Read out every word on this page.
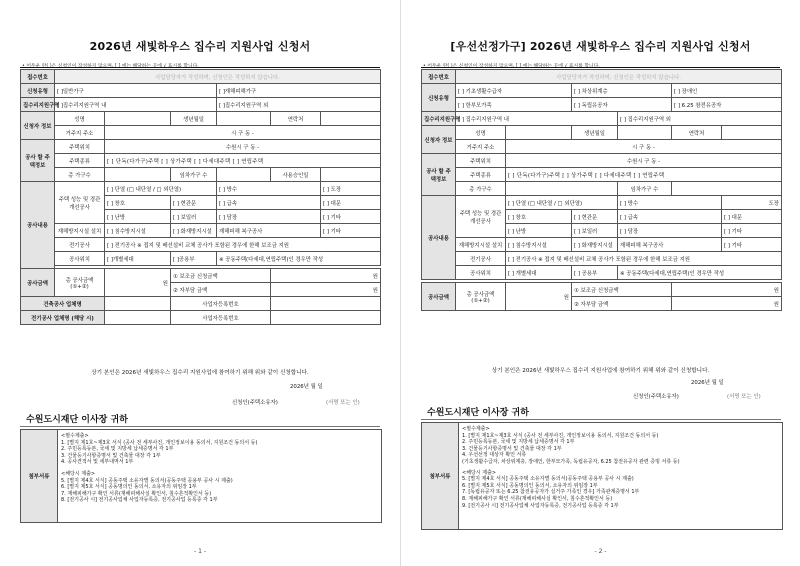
2026년 새빛하우스 집수리 지원사업 신청서
• 어두운 란( )은 신청인이 작성하지 않으며, [ ] 에는 해당하는 곳에 √ 표시를 합니다.
접수번호	사업담당자가 작성하며, 신청인은 작성하지 않습니다.					
신청유형	[ ]일반가구			[ ]재해피해가구		
집수리지원구역	[ ]집수리지원구역 내			[ ]집수리지원구역 외		
신청자 정보	성명		생년월일		연락처	
	거주지 주소	시 구 동 -				
공사 할 주택정보	주택위치	수원시 구 동 -				
	주택종류	[ ] 단독(다가구)주택 [ ] 상가주택 [ ] 다세대주택 [ ] 연립주택				
	총 가구수		임차가구 수		사용승인일	
공사내용	주택 성능 및 경관개선공사	[ ] 단열 (□ 내단열 / □ 외단열)		[ ] 방수		[ ] 도장
		[ ] 창호	[ ] 현관문	[ ] 급속		[ ] 대문
		[ ] 난방	[ ] 보일러	[ ] 담장		[ ] 기타
	재해방지시설 설치	[ ] 침수방지시설	[ ] 화재방지시설	재해피해 복구공사		[ ] 기타
	전기공사	[ ] 전기공사 ※ 접지 및 배선설비 교체 공사가 포함된 경우에 한해 보조금 지원				
	공사위치	[ ]개별세대	[ ]공용부	※ 공동주택(다세대,연립주택)인 경우만 작성		

공사금액	총 공사금액 (①+②)	원	① 보조금 신청금액		원	
			② 자부담 금액		원	
건축공사 업체명			사업자등록번호			
전기공사 업체명 (해당 시)			사업자등록번호			
상기 본인은 2026년 새빛하우스 집수리 지원사업에 참여하기 위해 위와 같이 신청합니다.
2026년 월 일
신청인(주택소유자)	(서명 또는 인)
수원도시재단 이사장 귀하
첨부서류
<필수제출>
1. [별지 제1호~제3호 서식 (공사 전 세부사진, 개인정보이용 동의서, 지원조건 동의서 등)
2. 주민등록등본, 국세 및 지방세 납세증명서 각 1부
3. 건물등기사항증명서 및 건축물 대장 각 1부
4. 공사견적서 및 세부내역서 1부
<해당시 제출>
5. [별지 제4호 서식] 공동주택 소유자별 동의서(공동주택 공용부 공사 시 제출)
6. [별지 제5호 서식] 공동명의인 동의서, 소유자의 위임장 1부
7. 재해피해가구 확인 서류(재해피해사실 확인서, 침수흔적확인서 등)
8. [전기공사 시] 전기공사업체 사업자등록증, 전기공사업 등록증 각 1부
- 1 -
[우선선정가구] 2026년 새빛하우스 집수리 지원사업 신청서
• 어두운 란( )은 신청인이 작성하지 않으며, [ ] 에는 해당하는 곳에 √ 표시를 합니다.
접수번호	사업담당자가 작성하며, 신청인은 작성하지 않습니다.					
신청유형	[ ] 기초생활수급자		[ ] 차상위계층		[ ] 장애인	
	[ ] 한부모가족		[ ] 독립유공자		[ ] 6.25 참전유공자	
집수리지원구역	[ ] 집수리지원구역 내			[ ] 집수리지원구역 외		
신청자 정보	성명		생년월일		연락처	
	거주지 주소	시 구 동 -				
공사 할 주택정보	주택위치	수원시 구 동 -				
	주택종류	[ ] 단독(다가구)주택 [ ] 상가주택 [ ] 다세대주택 [ ] 연립주택				
	총 가구수			임차가구 수		
공사내용	주택 성능 및 경관개선공사	[ ] 단열 (□ 내단열 / □ 외단열)		[ ] 방수		도장
		[ ] 창호	[ ] 현관문	[ ] 급속		[ ] 대문
		[ ] 난방	[ ] 보일러	[ ] 담장		[ ] 기타
	재해방지시설 설치	[ ] 침수방지시설	[ ] 화재방지시설	재해피해 복구공사		[ ] 기타
	전기공사	[ ] 전기공사 ※ 접지 및 배선설비 교체 공사가 포함된 경우에 한해 보조금 지원				
	공사위치	[ ] 개별세대	[ ] 공용부	※ 공동주택(다세대,연립주택)인 경우만 작성		

공사금액	총 공사금액 (①+②)	원	① 보조금 신청금액		원	
			② 자부담 금액		원	
상기 본인은 2026년 새빛하우스 집수리 지원사업에 참여하기 위해 위와 같이 신청합니다.
2026년 월 일
신청인(주택소유자)	(서명 또는 인)
수원도시재단 이사장 귀하
첨부서류
<필수제출>
1. [별지 제1호~제3호 서식 (공사 전 세부사진, 개인정보이용 동의서, 지원조건 동의서 등)
2. 주민등록등본, 국세 및 지방세 납세증명서 각 1부
3. 건물등기사항증명서 및 건축물 대장 각 1부
4. 우선선정 대상자 확인 서류
(기초생활수급자, 차상위계층, 장애인, 한부모가족, 독립유공자, 6.25 참전유공자 관련 증빙 서류 등)
<해당시 제출>
5. [별지 제4호 서식] 공동주택 소유자별 동의서(공동주택 공용부 공사 시 제출)
6. [별지 제5호 서식] 공동명의인 동의서, 소유자의 위임장 1부
7. [독립유공자 또는 6.25 참전유공자가 실거주 가족인 경우] 가족관계증명서 1부
8. 재해피해가구 확인 서류(재해피해사실 확인서, 침수흔적확인서 등)
9. [전기공사 시] 전기공사업체 사업자등록증, 전기공사업 등록증 각 1부
- 2 -
